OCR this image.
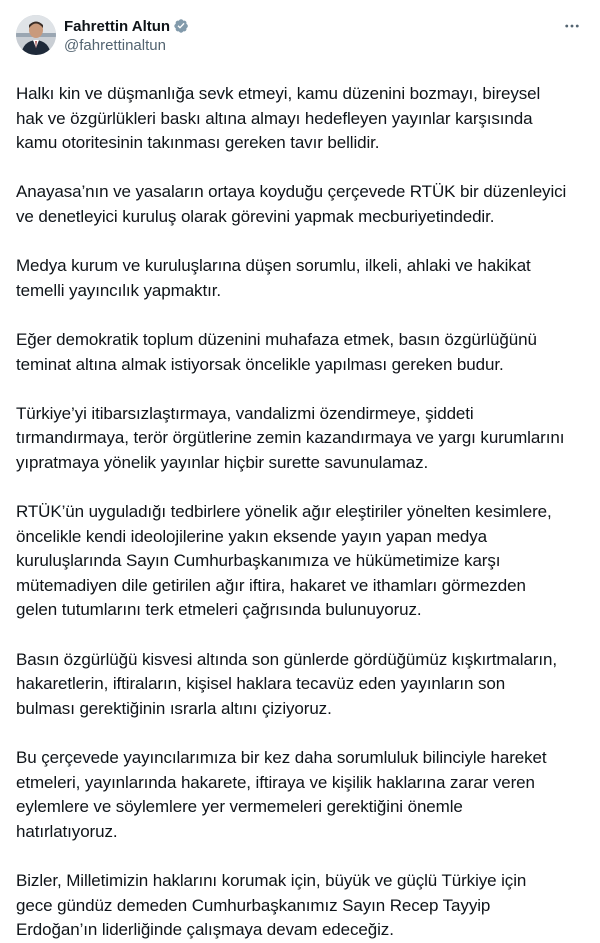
Fahrettin Altun
@fahrettinaltun

Halkı kin ve düşmanlığa sevk etmeyi, kamu düzenini bozmayı, bireysel
hak ve özgürlükleri baskı altına almayı hedefleyen yayınlar karşısında
kamu otoritesinin takınması gereken tavır bellidir.

Anayasa’nın ve yasaların ortaya koyduğu çerçevede RTÜK bir düzenleyici
ve denetleyici kuruluş olarak görevini yapmak mecburiyetindedir.

Medya kurum ve kuruluşlarına düşen sorumlu, ilkeli, ahlaki ve hakikat
temelli yayıncılık yapmaktır.

Eğer demokratik toplum düzenini muhafaza etmek, basın özgürlüğünü
teminat altına almak istiyorsak öncelikle yapılması gereken budur.

Türkiye’yi itibarsızlaştırmaya, vandalizmi özendirmeye, şiddeti
tırmandırmaya, terör örgütlerine zemin kazandırmaya ve yargı kurumlarını
yıpratmaya yönelik yayınlar hiçbir surette savunulamaz.

RTÜK’ün uyguladığı tedbirlere yönelik ağır eleştiriler yönelten kesimlere,
öncelikle kendi ideolojilerine yakın eksende yayın yapan medya
kuruluşlarında Sayın Cumhurbaşkanımıza ve hükümetimize karşı
mütemadiyen dile getirilen ağır iftira, hakaret ve ithamları görmezden
gelen tutumlarını terk etmeleri çağrısında bulunuyoruz.

Basın özgürlüğü kisvesi altında son günlerde gördüğümüz kışkırtmaların,
hakaretlerin, iftiraların, kişisel haklara tecavüz eden yayınların son
bulması gerektiğinin ısrarla altını çiziyoruz.

Bu çerçevede yayıncılarımıza bir kez daha sorumluluk bilinciyle hareket
etmeleri, yayınlarında hakarete, iftiraya ve kişilik haklarına zarar veren
eylemlere ve söylemlere yer vermemeleri gerektiğini önemle
hatırlatıyoruz.

Bizler, Milletimizin haklarını korumak için, büyük ve güçlü Türkiye için
gece gündüz demeden Cumhurbaşkanımız Sayın Recep Tayyip
Erdoğan’ın liderliğinde çalışmaya devam edeceğiz.
